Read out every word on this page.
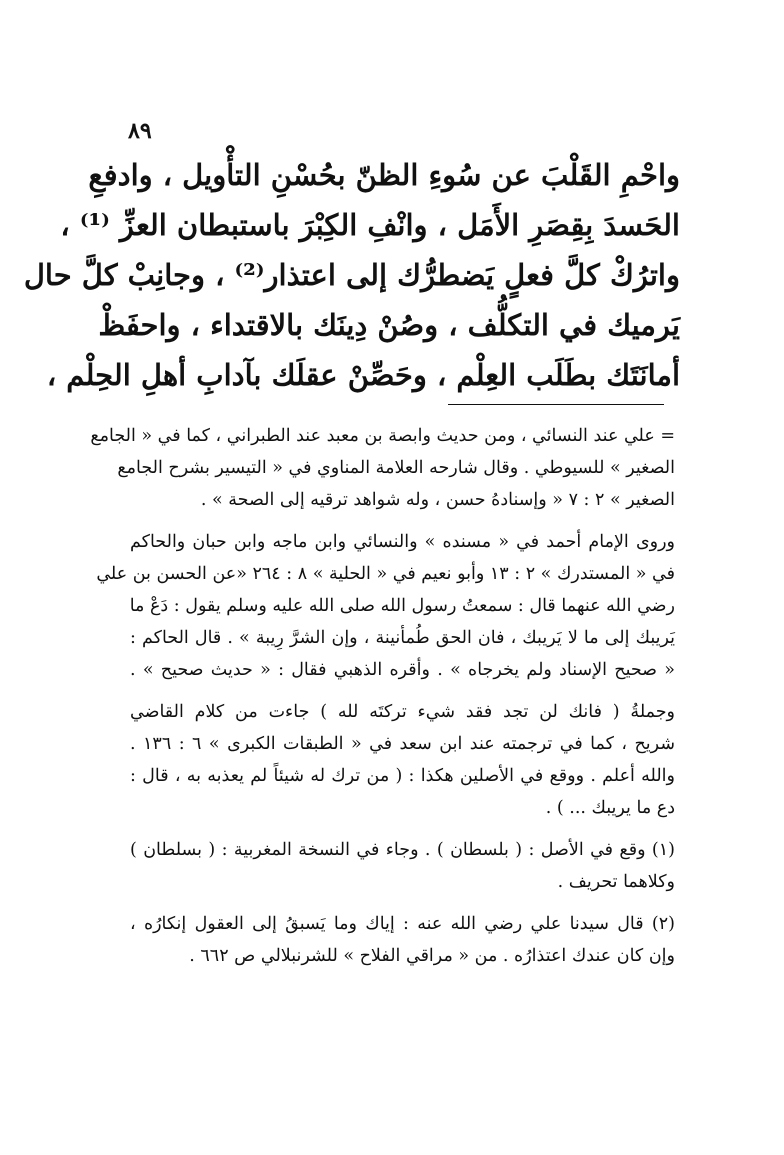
٨٩
واحْمِ القَلْبَ عن سُوءِ الظنّ بحُسْنِ التأْويل ، وادفعِ
الحَسدَ بِقِصَرِ الأَمَل ، وانْفِ الكِبْرَ باستبطان العزِّ ⁽¹⁾ ،
واترُكْ كلَّ فعلٍ يَضطرُّك إلى اعتذار⁽²⁾ ، وجانِبْ كلَّ حال
يَرميك في التكلُّف ، وصُنْ دِينَك بالاقتداء ، واحفَظْ
أمانَتَك بطَلَب العِلْم ، وحَصِّنْ عقلَك بآدابِ أهلِ الحِلْم ،
= علي عند النسائي ، ومن حديث وابصة بن معبد عند الطبراني ، كما في « الجامع
الصغير » للسيوطي . وقال شارحه العلامة المناوي في « التيسير بشرح الجامع
الصغير » ٢ : ٧ « وإسنادهُ حسن ، وله شواهد ترقيه إلى الصحة » .
وروى الإمام أحمد في « مسنده » والنسائي وابن ماجه وابن حبان والحاكم
في « المستدرك » ٢ : ١٣ وأبو نعيم في « الحلية » ٨ : ٢٦٤ «عن الحسن بن علي
رضي الله عنهما قال : سمعتُ رسول الله صلى الله عليه وسلم يقول : دَعْ ما
يَريبك إلى ما لا يَريبك ، فان الحق طُمأنينة ، وإن الشرَّ رِيبة » . قال الحاكم :
« صحيح الإسناد ولم يخرجاه » . وأقره الذهبي فقال : « حديث صحيح » .
وجملةُ ( فانك لن تجد فقد شيء تركتَه لله ) جاءت من كلام القاضي
شريح ، كما في ترجمته عند ابن سعد في « الطبقات الكبرى » ٦ : ١٣٦ .
والله أعلم . ووقع في الأصلين هكذا : ( من ترك له شيئاً لم يعذبه به ، قال :
دع ما يريبك ... ) .
(١) وقع في الأصل : ( بلسطان ) . وجاء في النسخة المغربية : ( بسلطان )
وكلاهما تحريف .
(٢) قال سيدنا علي رضي الله عنه : إياك وما يَسبقُ إلى العقول إنكارُه ،
وإن كان عندك اعتذارُه . من « مراقي الفلاح » للشرنبلالي ص ٦٦٢ .
